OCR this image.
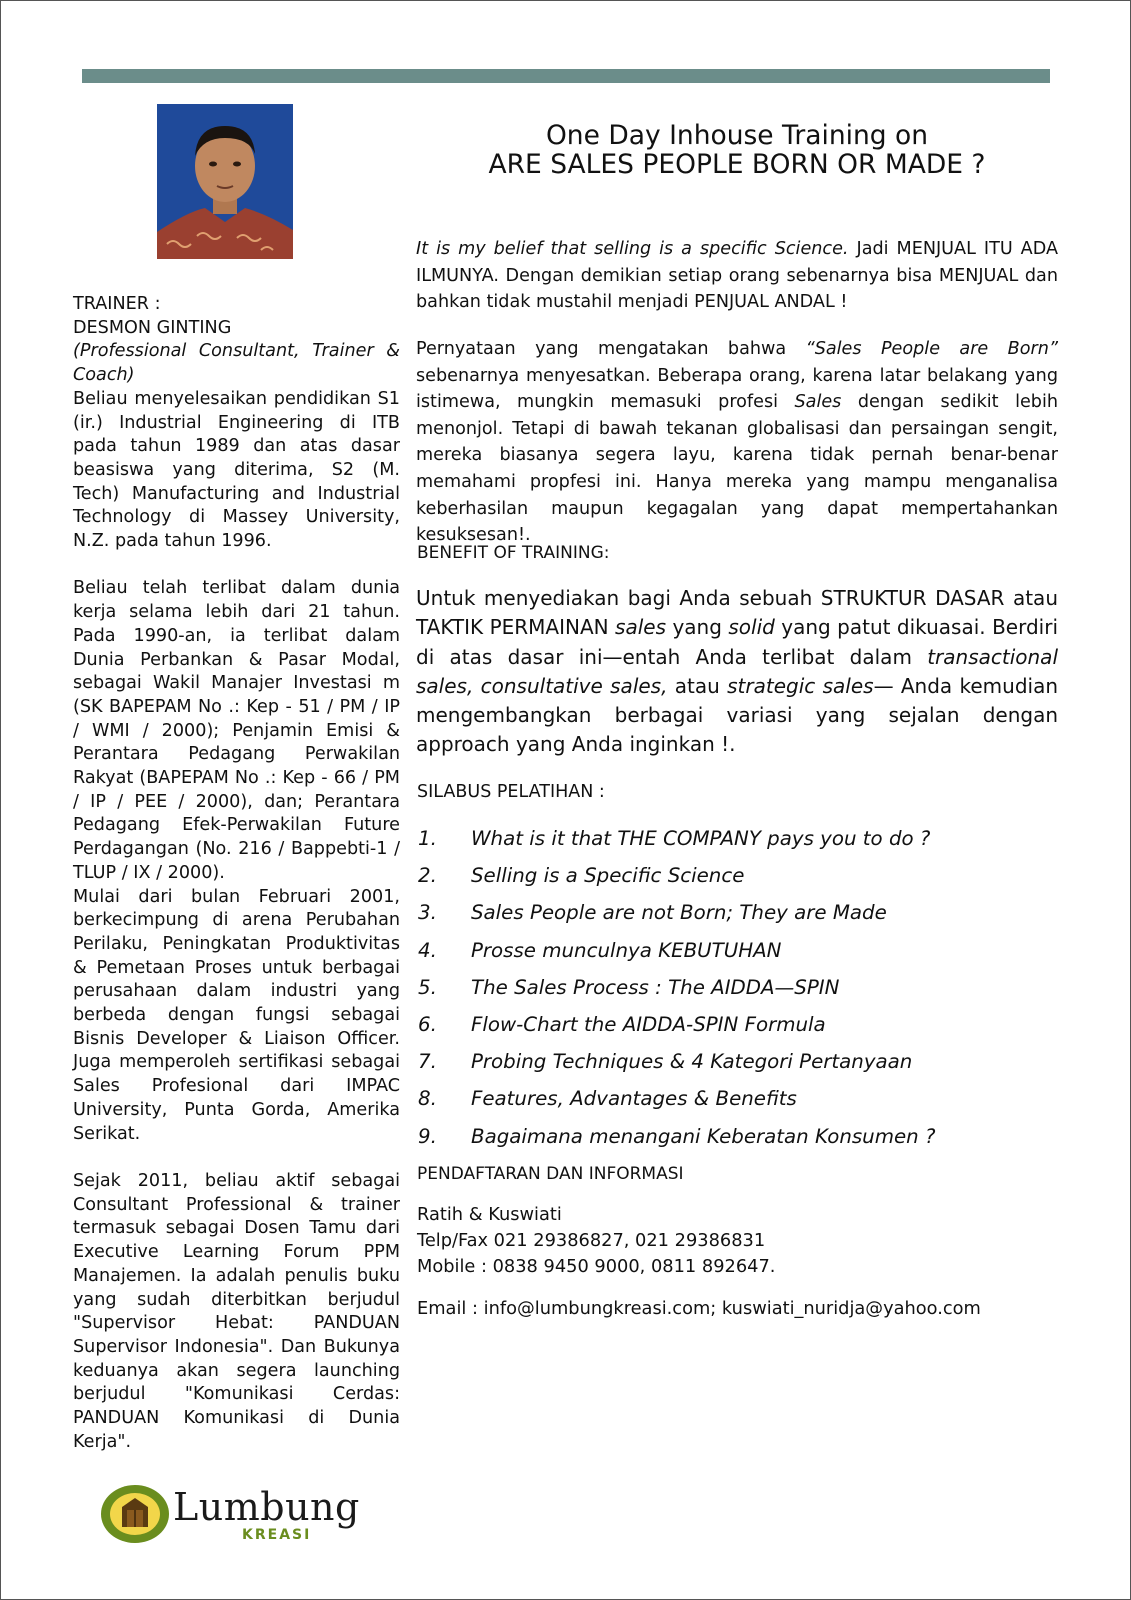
TRAINER :

DESMON GINTING

(Professional Consultant, Trainer & Coach)

Beliau menyelesaikan pendidikan S1 (ir.) Industrial Engineering di ITB pada tahun 1989 dan atas dasar beasiswa yang diterima, S2 (M. Tech) Manufacturing and Industrial Technology di Massey University, N.Z. pada tahun 1996.

Beliau telah terlibat dalam dunia kerja selama lebih dari 21 tahun. Pada 1990-an, ia terlibat dalam Dunia Perbankan & Pasar Modal, sebagai Wakil Manajer Investasi m (SK BAPEPAM No .: Kep - 51 / PM / IP / WMI / 2000); Penjamin Emisi & Perantara Pedagang Perwakilan Rakyat (BAPEPAM No .: Kep - 66 / PM / IP / PEE / 2000), dan; Perantara Pedagang Efek-Perwakilan Future Perdagangan (No. 216 / Bappebti-1 / TLUP / IX / 2000).

Mulai dari bulan Februari 2001, berkecimpung di arena Perubahan Perilaku, Peningkatan Produktivitas & Pemetaan Proses untuk berbagai perusahaan dalam industri yang berbeda dengan fungsi sebagai Bisnis Developer & Liaison Officer. Juga memperoleh sertifikasi sebagai Sales Profesional dari IMPAC University, Punta Gorda, Amerika Serikat.

Sejak 2011, beliau aktif sebagai Consultant Professional & trainer termasuk sebagai Dosen Tamu dari Executive Learning Forum PPM Manajemen. Ia adalah penulis buku yang sudah diterbitkan berjudul "Supervisor Hebat: PANDUAN Supervisor Indonesia". Dan Bukunya keduanya akan segera launching berjudul "Komunikasi Cerdas: PANDUAN Komunikasi di Dunia Kerja".

One Day Inhouse Training on
ARE SALES PEOPLE BORN OR MADE ?

It is my belief that selling is a specific Science. Jadi MENJUAL ITU ADA ILMUNYA. Dengan demikian setiap orang sebenarnya bisa MENJUAL dan bahkan tidak mustahil menjadi PENJUAL ANDAL !

Pernyataan yang mengatakan bahwa “Sales People are Born” sebenarnya menyesatkan. Beberapa orang, karena latar belakang yang istimewa, mungkin memasuki profesi Sales dengan sedikit lebih menonjol. Tetapi di bawah tekanan globalisasi dan persaingan sengit, mereka biasanya segera layu, karena tidak pernah benar-benar memahami propfesi ini. Hanya mereka yang mampu menganalisa keberhasilan maupun kegagalan yang dapat mempertahankan kesuksesan!.

BENEFIT OF TRAINING:

Untuk menyediakan bagi Anda sebuah STRUKTUR DASAR atau TAKTIK PERMAINAN sales yang solid yang patut dikuasai. Berdiri di atas dasar ini—entah Anda terlibat dalam transactional sales, consultative sales, atau strategic sales— Anda kemudian mengembangkan berbagai variasi yang sejalan dengan approach yang Anda inginkan !.

SILABUS PELATIHAN :

1.	What is it that THE COMPANY pays you to do ?
2.	Selling is a Specific Science
3.	Sales People are not Born; They are Made
4.	Prosse munculnya KEBUTUHAN
5.	The Sales Process : The AIDDA—SPIN
6.	Flow-Chart the AIDDA-SPIN Formula
7.	Probing Techniques & 4 Kategori Pertanyaan
8.	Features, Advantages & Benefits
9.	Bagaimana menangani Keberatan Konsumen ?

PENDAFTARAN DAN INFORMASI

Ratih & Kuswiati
Telp/Fax 021 29386827, 021 29386831
Mobile : 0838 9450 9000, 0811 892647.
Email : info@lumbungkreasi.com; kuswiati_nuridja@yahoo.com
Lumbung
KREASI
